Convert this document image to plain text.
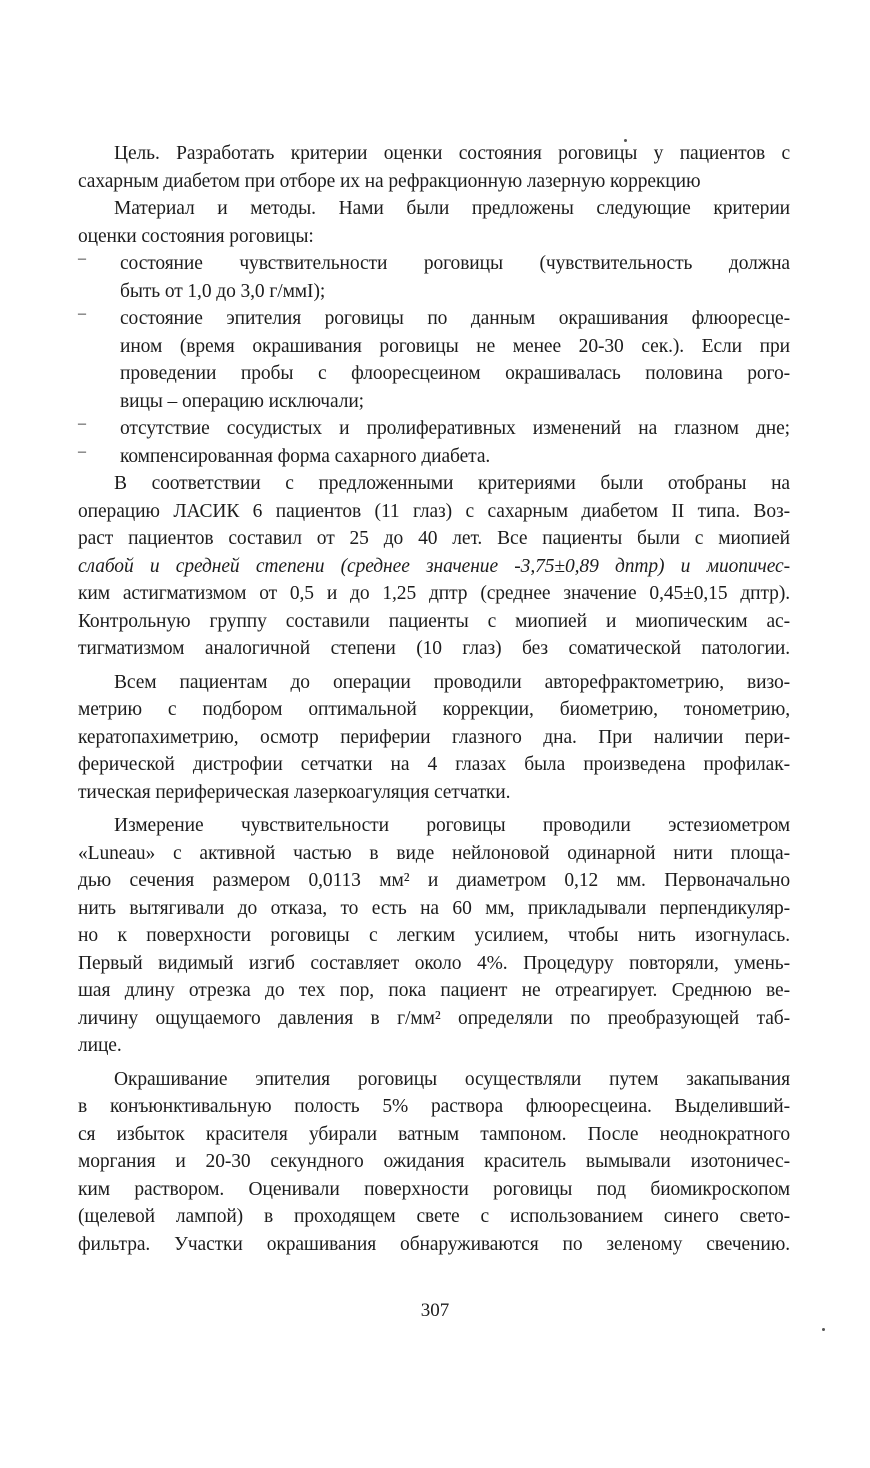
Цель. Разработать критерии оценки состояния роговицы у пациентов с
сахарным диабетом при отборе их на рефракционную лазерную коррекцию
Материал и методы. Нами были предложены следующие критерии
оценки состояния роговицы:
–	состояние чувствительности роговицы (чувствительность должна
быть от 1,0 до 3,0 г/ммI);
–	состояние эпителия роговицы по данным окрашивания флюоресце-
ином (время окрашивания роговицы не менее 20-30 сек.). Если при
проведении пробы с флоoресцеином окрашивалась половина рого-
вицы – операцию исключали;
–	отсутствие сосудистых и пролиферативных изменений на глазном дне;
–	компенсированная форма сахарного диабета.
В соответствии с предложенными критериями были отобраны на
операцию ЛАСИК 6 пациентов (11 глаз) с сахарным диабетом II типа. Воз-
раст пациентов составил от 25 до 40 лет. Все пациенты были с миопией
слабой и средней степени (среднее значение -3,75±0,89 дптр) и миопичес-
ким астигматизмом от 0,5 и до 1,25 дптр (среднее значение 0,45±0,15 дптр).
Контрольную группу составили пациенты с миопией и миопическим ас-
тигматизмом аналогичной степени (10 глаз) без соматической патологии.
Всем пациентам до операции проводили авторефрактометрию, визо-
метрию с подбором оптимальной коррекции, биометрию, тонометрию,
кератопахиметрию, осмотр периферии глазного дна. При наличии пери-
ферической дистрофии сетчатки на 4 глазах была произведена профилак-
тическая периферическая лазеркоагуляция сетчатки.
Измерение чувствительности роговицы проводили эстезиометром
«Luneau» с активной частью в виде нейлоновой одинарной нити площа-
дью сечения размером 0,0113 мм² и диаметром 0,12 мм. Первоначально
нить вытягивали до отказа, то есть на 60 мм, прикладывали перпендикуляр-
но к поверхности роговицы с легким усилием, чтобы нить изогнулась.
Первый видимый изгиб составляет около 4%. Процедуру повторяли, умень-
шая длину отрезка до тех пор, пока пациент не отреагирует. Среднюю ве-
личину ощущаемого давления в г/мм² определяли по преобразующей таб-
лице.
Окрашивание эпителия роговицы осуществляли путем закапывания
в конъюнктивальную полость 5% раствора флюоресцеина. Выделивший-
ся избыток красителя убирали ватным тампоном. После неоднократного
моргания и 20-30 секундного ожидания краситель вымывали изотоничес-
ким раствором. Оценивали поверхности роговицы под биомикроскопом
(щелевой лампой) в проходящем свете с использованием синего свето-
фильтра. Участки окрашивания обнаруживаются по зеленому свечению.
307
